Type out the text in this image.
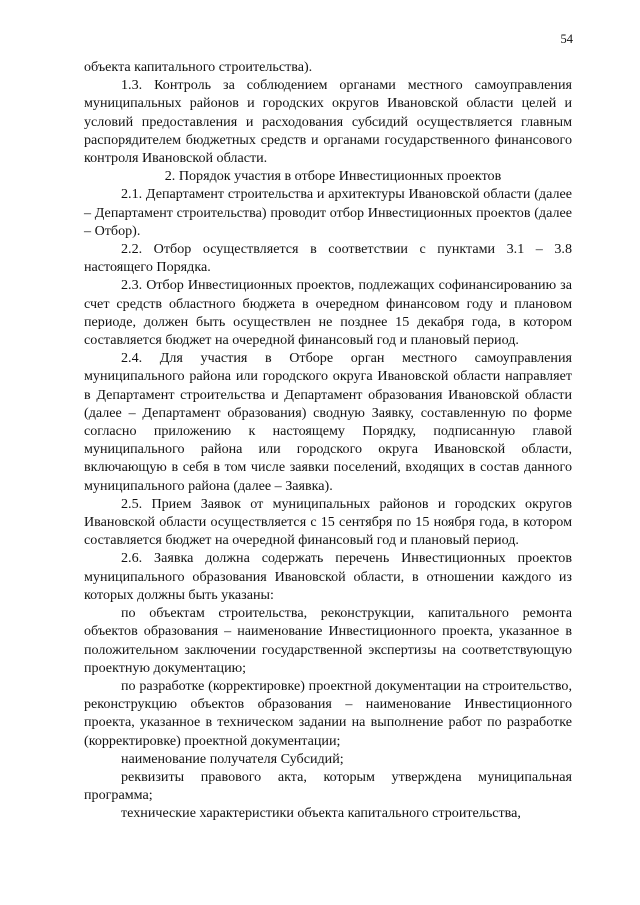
54

объекта капитального строительства).

1.3. Контроль за соблюдением органами местного самоуправления муниципальных районов и городских округов Ивановской области целей и условий предоставления и расходования субсидий осуществляется главным распорядителем бюджетных средств и органами государственного финансового контроля Ивановской области.

2. Порядок участия в отборе Инвестиционных проектов

2.1. Департамент строительства и архитектуры Ивановской области (далее – Департамент строительства) проводит отбор Инвестиционных проектов (далее – Отбор).

2.2. Отбор осуществляется в соответствии с пунктами 3.1 – 3.8 настоящего Порядка.

2.3. Отбор Инвестиционных проектов, подлежащих софинансированию за счет средств областного бюджета в очередном финансовом году и плановом периоде, должен быть осуществлен не позднее 15 декабря года, в котором составляется бюджет на очередной финансовый год и плановый период.

2.4. Для участия в Отборе орган местного самоуправления муниципального района или городского округа Ивановской области направляет в Департамент строительства и Департамент образования Ивановской области (далее – Департамент образования) сводную Заявку, составленную по форме согласно приложению к настоящему Порядку, подписанную главой муниципального района или городского округа Ивановской области, включающую в себя в том числе заявки поселений, входящих в состав данного муниципального района (далее – Заявка).

2.5. Прием Заявок от муниципальных районов и городских округов Ивановской области осуществляется с 15 сентября по 15 ноября года, в котором составляется бюджет на очередной финансовый год и плановый период.

2.6. Заявка должна содержать перечень Инвестиционных проектов муниципального образования Ивановской области, в отношении каждого из которых должны быть указаны:

по объектам строительства, реконструкции, капитального ремонта объектов образования – наименование Инвестиционного проекта, указанное в положительном заключении государственной экспертизы на соответствующую проектную документацию;

по разработке (корректировке) проектной документации на строительство, реконструкцию объектов образования – наименование Инвестиционного проекта, указанное в техническом задании на выполнение работ по разработке (корректировке) проектной документации;

наименование получателя Субсидий;

реквизиты правового акта, которым утверждена муниципальная программа;

технические характеристики объекта капитального строительства,
